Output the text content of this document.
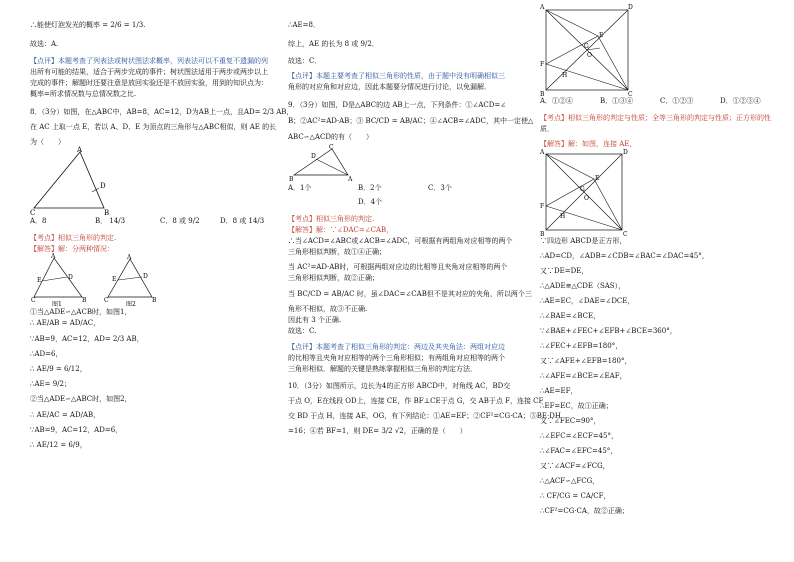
∴能使灯泡发光的概率 = 2/6 = 1/3.
故选：A.
【点评】本题考查了列表法或树状图法求概率，列表法可以不重复不遗漏的列
出所有可能的结果，适合于两步完成的事件；树状图法适用于两步或两步以上
完成的事件；解题时还要注意是放回实验还是不放回实验，用到的知识点为：
概率=所求情况数与总情况数之比.
8．（3分）如图，在△ABC中，AB=8，AC=12，D为AB上一点，且AD= 2/3 AB，
在 AC 上取一点 E，若以 A、D、E 为顶点的三角形与△ABC相似，则 AE 的长
为（　　）
A
C	B
D
A．8	B． 14/3	C．8 或 9/2	D．8 或 14/3
【考点】相似三角形的判定.
【解答】解：分两种情况：
A
C	B
E	D
图1
A
C	B
E	D
图2
①当△ADE∽△ACB时，如图1，
∴ AE/AB = AD/AC，
∵AB=9，AC=12，AD= 2/3 AB，
∴AD=6，
∴ AE/9 = 6/12，
∴AE= 9/2；
②当△ADE∽△ABC时，如图2，
∴ AE/AC = AD/AB，
∵AB=9，AC=12，AD=6，
∴ AE/12 = 6/9，
∴AE=8．
综上，AE 的长为 8 或 9/2．
故选：C．
【点评】本题主要考查了相似三角形的性质，由于题中没有明确相似三
角形的对应角和对应边，因此本题要分情况进行讨论，以免漏解．
9．（3分）如图，D是△ABC的边 AB上一点，下列条件：①∠ACD=∠
B；②AC²=AD·AB；③ BC/CD = AB/AC；④∠ACB=∠ADC，其中一定使△
ABC∽△ACD的有（　　）
C
B	A
D
A．1个	B．2个	C．3个
D．4个
【考点】相似三角形的判定.
【解答】解：∵∠DAC=∠CAB，
∴当∠ACD=∠ABC或∠ACB=∠ADC，可根据有两组角对应相等的两个
三角形相似判断，故①④正确；
当 AC²=AD·AB时，可根据两组对应边的比相等且夹角对应相等的两个
三角形相似判断，故②正确；
当 BC/CD = AB/AC 时，虽∠DAC=∠CAB但不是其对应的夹角，所以两个三
角形不相似，故③不正确.
因此有 3 个正确.
故选：C.
【点评】本题考查了相似三角形的判定：两边及其夹角法：两组对应边
的比相等且夹角对应相等的两个三角形相似；有两组角对应相等的两个
三角形相似．解题的关键是熟练掌握相似三角形的判定方法．
10．（3分）如图所示，边长为4的正方形 ABCD中，对角线 AC，BD交
于点 O，E在线段 OD上，连接 CE，作 BF⊥CE于点 G，交 AB于点 F，连接 CF
交 BD 于点 H，连接 AE，OG，有下列结论：①AE=EF；②CF²=CG·CA；③BE·DH
=16；④若 BF=1，则 DE= 3/2 √2，正确的是（　　）
A	D
B	C
F
E
G
O
H
A．①②④	B．①③④	C．①②③	D．①②③④
【考点】相似三角形的判定与性质；全等三角形的判定与性质；正方形的性
质．
【解答】解：如图，连接 AE，
A	D
B	C
F
E
G
O
H
∵四边形 ABCD是正方形，
∴AD=CD，∠ADB=∠CDB=∠BAC=∠DAC=45°，
又∵DE=DE，
∴△ADE≌△CDE（SAS），
∴AE=EC，∠DAE=∠DCE，
∴∠BAE=∠BCE，
∵∠BAE+∠FEC+∠EFB+∠BCE=360°，
∴∠FEC+∠EFB=180°，
又∵∠AFE+∠EFB=180°，
∴∠AFE=∠BCE=∠EAF，
∴AE=EF，
∴EF=EC，故①正确；
又∵∠FEC=90°，
∴∠EFC=∠ECF=45°，
∴∠FAC=∠EFC=45°，
又∵∠ACF=∠FCG，
∴△ACF∽△FCG，
∴ CF/CG = CA/CF，
∴CF²=CG·CA，故②正确；
